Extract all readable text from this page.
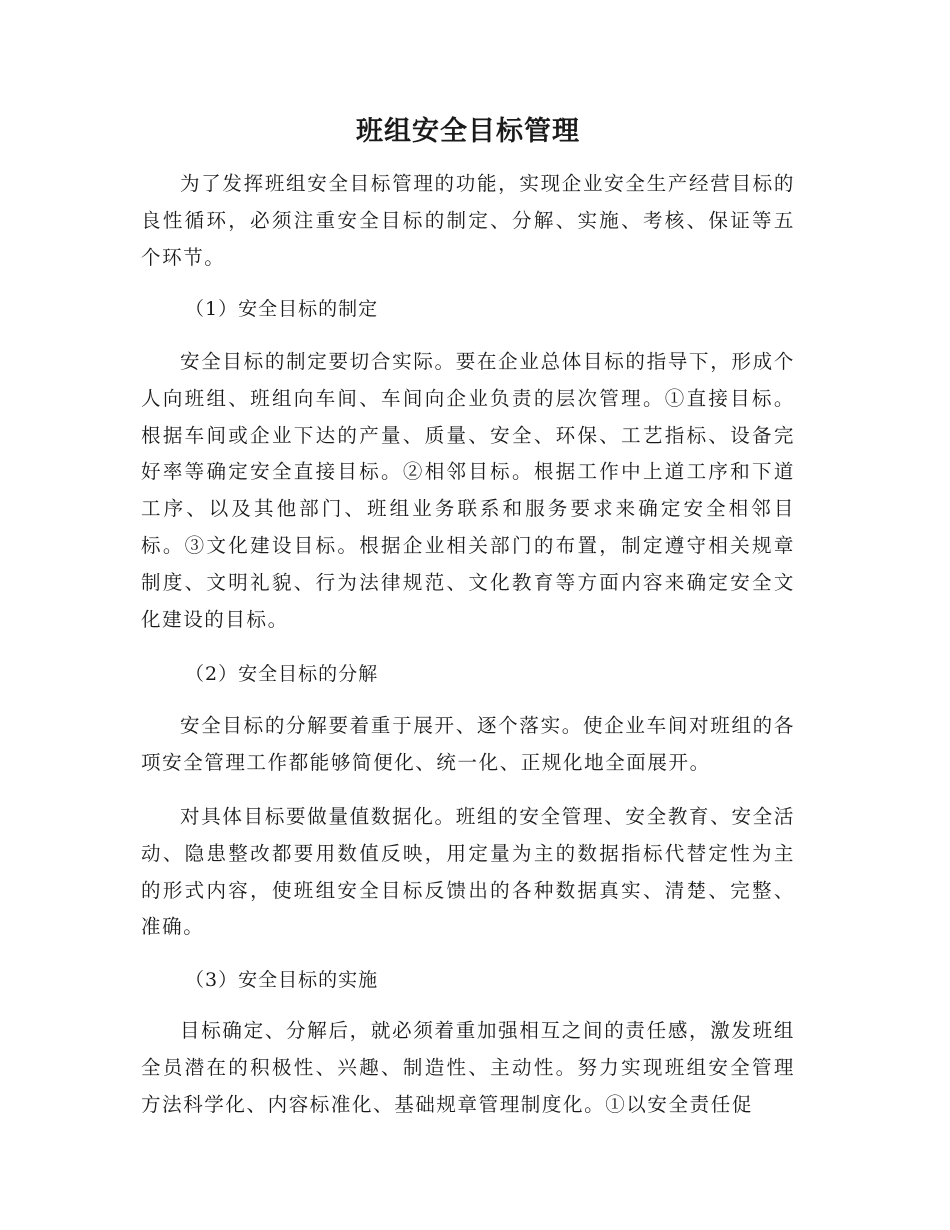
班组安全目标管理

为了发挥班组安全目标管理的功能，实现企业安全生产经营目标的良性循环，必须注重安全目标的制定、分解、实施、考核、保证等五个环节。

（1）安全目标的制定

安全目标的制定要切合实际。要在企业总体目标的指导下，形成个人向班组、班组向车间、车间向企业负责的层次管理。①直接目标。根据车间或企业下达的产量、质量、安全、环保、工艺指标、设备完好率等确定安全直接目标。②相邻目标。根据工作中上道工序和下道工序、以及其他部门、班组业务联系和服务要求来确定安全相邻目标。③文化建设目标。根据企业相关部门的布置，制定遵守相关规章制度、文明礼貌、行为法律规范、文化教育等方面内容来确定安全文化建设的目标。

（2）安全目标的分解

安全目标的分解要着重于展开、逐个落实。使企业车间对班组的各项安全管理工作都能够简便化、统一化、正规化地全面展开。

对具体目标要做量值数据化。班组的安全管理、安全教育、安全活动、隐患整改都要用数值反映，用定量为主的数据指标代替定性为主的形式内容，使班组安全目标反馈出的各种数据真实、清楚、完整、准确。

（3）安全目标的实施

目标确定、分解后，就必须着重加强相互之间的责任感，激发班组全员潜在的积极性、兴趣、制造性、主动性。努力实现班组安全管理方法科学化、内容标准化、基础规章管理制度化。①以安全责任促
